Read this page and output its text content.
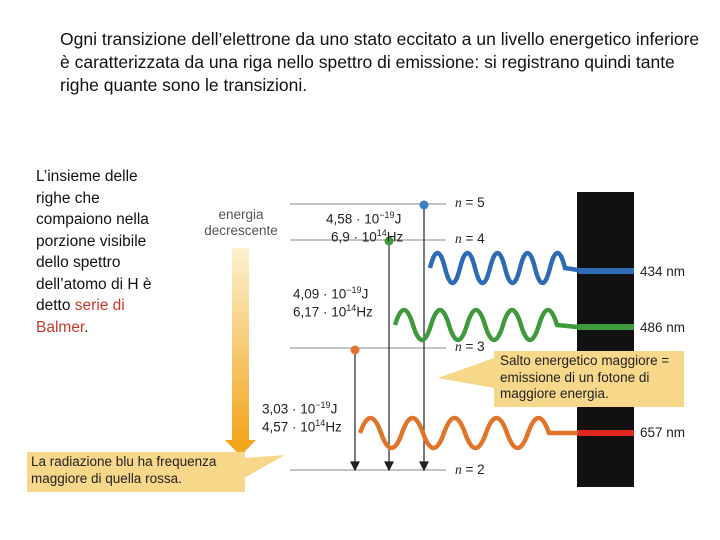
Ogni transizione dell’elettrone da uno stato eccitato a un livello energetico inferiore è caratterizzata da una riga nello spettro di emissione: si registrano quindi tante righe quante sono le transizioni.

L’insieme delle righe che compaiono nella porzione visibile dello spettro dell’atomo di H è detto serie di Balmer.

energia decrescente
n = 5
n = 4
n = 3
n = 2
$4,58 \cdot 10^{-19}J$
$6,9 \cdot 10^{14}Hz$
$4,09 \cdot 10^{-19}J$
$6,17 \cdot 10^{14}Hz$
$3,03 \cdot 10^{-19}J$
$4,57 \cdot 10^{14}Hz$
434 nm
486 nm
657 nm
Salto energetico maggiore = emissione di un fotone di maggiore energia.
La radiazione blu ha frequenza maggiore di quella rossa.
